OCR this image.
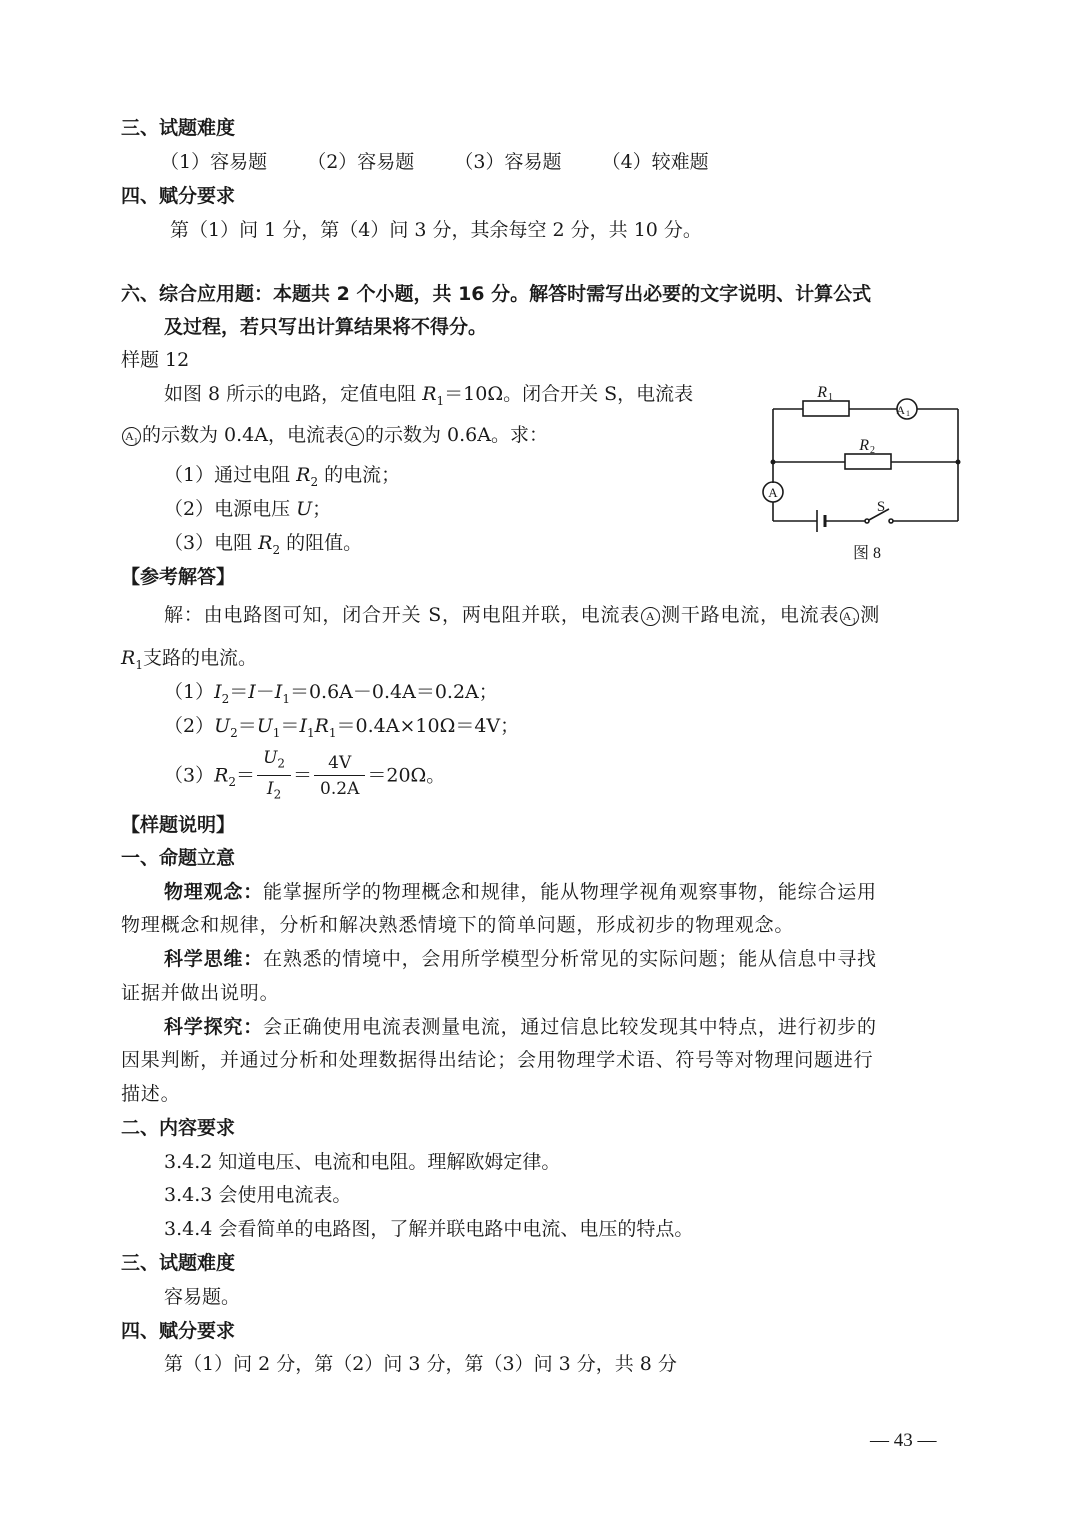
三、试题难度
（1）容易题 （2）容易题 （3）容易题 （4）较难题
四、赋分要求
第（1）问 1 分，第（4）问 3 分，其余每空 2 分，共 10 分。
六、综合应用题：本题共 2 个小题，共 16 分。解答时需写出必要的文字说明、计算公式
及过程，若只写出计算结果将不得分。
样题 12
如图 8 所示的电路，定值电阻 $R_1=10\Omega$。闭合开关 S，电流表
$A_1$ 的示数为 0.4A，电流表 A 的示数为 0.6A。求：
（1）通过电阻 $R_2$ 的电流；
（2）电源电压 U；
（3）电阻 $R_2$ 的阻值。
R 1
R 2
A 1
A
S
图 8
【参考解答】
解：由电路图可知，闭合开关 S，两电阻并联，电流表 A 测干路电流，电流表 $A_1$ 测
$R_1$支路的电流。
$(1)I_2=I-I_1=0.6A-0.4A=0.2A$；
$(2)U_2=U_1=I_1R_1=0.4A\times 10\Omega=4V$；
$(3)R_2= \frac{U_2}{I_2} = \frac{4V}{0.2A} =20\Omega$。
【样题说明】
一、命题立意
物理观念：能掌握所学的物理概念和规律，能从物理学视角观察事物，能综合运用
物理概念和规律，分析和解决熟悉情境下的简单问题，形成初步的物理观念。
科学思维：在熟悉的情境中，会用所学模型分析常见的实际问题；能从信息中寻找
证据并做出说明。
科学探究：会正确使用电流表测量电流，通过信息比较发现其中特点，进行初步的
因果判断，并通过分析和处理数据得出结论；会用物理学术语、符号等对物理问题进行
描述。
二、内容要求
3.4.2 知道电压、电流和电阻。理解欧姆定律。
3.4.3 会使用电流表。
3.4.4 会看简单的电路图，了解并联电路中电流、电压的特点。
三、试题难度
容易题。
四、赋分要求
第（1）问 2 分，第（2）问 3 分，第（3）问 3 分，共 8 分
— 43 —
